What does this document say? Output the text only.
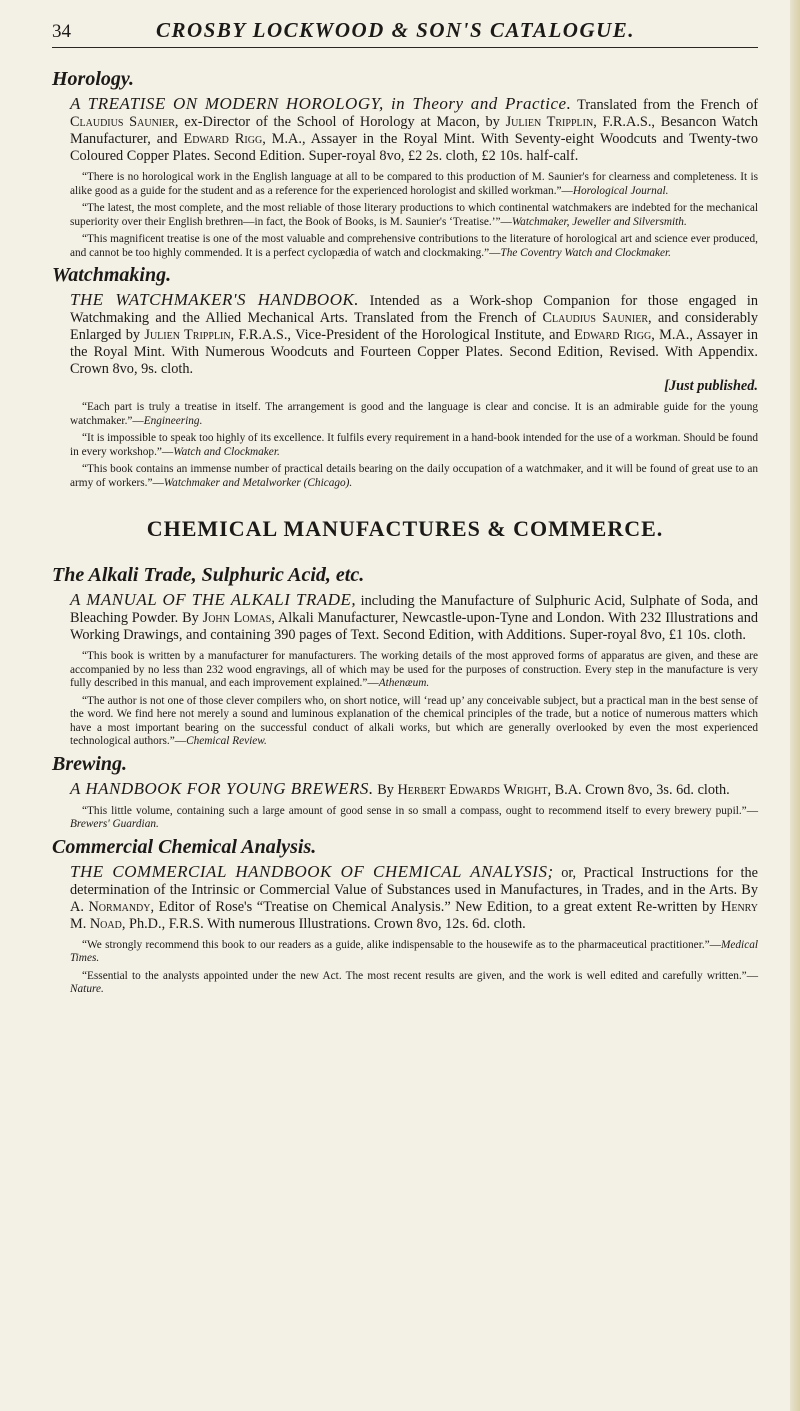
34	CROSBY LOCKWOOD & SON'S CATALOGUE.
Horology.
A TREATISE ON MODERN HOROLOGY, in Theory and Practice. Translated from the French of Claudius Saunier, ex-Director of the School of Horology at Macon, by Julien Tripplin, F.R.A.S., Besancon Watch Manufacturer, and Edward Rigg, M.A., Assayer in the Royal Mint. With Seventy-eight Woodcuts and Twenty-two Coloured Copper Plates. Second Edition. Super-royal 8vo, £2 2s. cloth, £2 10s. half-calf.
“There is no horological work in the English language at all to be compared to this production of M. Saunier's for clearness and completeness. It is alike good as a guide for the student and as a reference for the experienced horologist and skilled workman.”—Horological Journal.
“The latest, the most complete, and the most reliable of those literary productions to which continental watchmakers are indebted for the mechanical superiority over their English brethren—in fact, the Book of Books, is M. Saunier's ‘Treatise.’”—Watchmaker, Jeweller and Silversmith.
“This magnificent treatise is one of the most valuable and comprehensive contributions to the literature of horological art and science ever produced, and cannot be too highly commended. It is a perfect cyclopædia of watch and clockmaking.”—The Coventry Watch and Clockmaker.
Watchmaking.
THE WATCHMAKER'S HANDBOOK. Intended as a Work-shop Companion for those engaged in Watchmaking and the Allied Mechanical Arts. Translated from the French of Claudius Saunier, and considerably Enlarged by Julien Tripplin, F.R.A.S., Vice-President of the Horological Institute, and Edward Rigg, M.A., Assayer in the Royal Mint. With Numerous Woodcuts and Fourteen Copper Plates. Second Edition, Revised. With Appendix. Crown 8vo, 9s. cloth.
[Just published.
“Each part is truly a treatise in itself. The arrangement is good and the language is clear and concise. It is an admirable guide for the young watchmaker.”—Engineering.
“It is impossible to speak too highly of its excellence. It fulfils every requirement in a hand-book intended for the use of a workman. Should be found in every workshop.”—Watch and Clockmaker.
“This book contains an immense number of practical details bearing on the daily occupation of a watchmaker, and it will be found of great use to an army of workers.”—Watchmaker and Metalworker (Chicago).
CHEMICAL MANUFACTURES & COMMERCE.
The Alkali Trade, Sulphuric Acid, etc.
A MANUAL OF THE ALKALI TRADE, including the Manufacture of Sulphuric Acid, Sulphate of Soda, and Bleaching Powder. By John Lomas, Alkali Manufacturer, Newcastle-upon-Tyne and London. With 232 Illustrations and Working Drawings, and containing 390 pages of Text. Second Edition, with Additions. Super-royal 8vo, £1 10s. cloth.
“This book is written by a manufacturer for manufacturers. The working details of the most approved forms of apparatus are given, and these are accompanied by no less than 232 wood engravings, all of which may be used for the purposes of construction. Every step in the manufacture is very fully described in this manual, and each improvement explained.”—Athenæum.
“The author is not one of those clever compilers who, on short notice, will ‘read up’ any conceivable subject, but a practical man in the best sense of the word. We find here not merely a sound and luminous explanation of the chemical principles of the trade, but a notice of numerous matters which have a most important bearing on the successful conduct of alkali works, but which are generally overlooked by even the most experienced technological authors.”—Chemical Review.
Brewing.
A HANDBOOK FOR YOUNG BREWERS. By Herbert Edwards Wright, B.A. Crown 8vo, 3s. 6d. cloth.
“This little volume, containing such a large amount of good sense in so small a compass, ought to recommend itself to every brewery pupil.”—Brewers' Guardian.
Commercial Chemical Analysis.
THE COMMERCIAL HANDBOOK OF CHEMICAL ANALYSIS; or, Practical Instructions for the determination of the Intrinsic or Commercial Value of Substances used in Manufactures, in Trades, and in the Arts. By A. Normandy, Editor of Rose's “Treatise on Chemical Analysis.” New Edition, to a great extent Re-written by Henry M. Noad, Ph.D., F.R.S. With numerous Illustrations. Crown 8vo, 12s. 6d. cloth.
“We strongly recommend this book to our readers as a guide, alike indispensable to the housewife as to the pharmaceutical practitioner.”—Medical Times.
“Essential to the analysts appointed under the new Act. The most recent results are given, and the work is well edited and carefully written.”—Nature.
